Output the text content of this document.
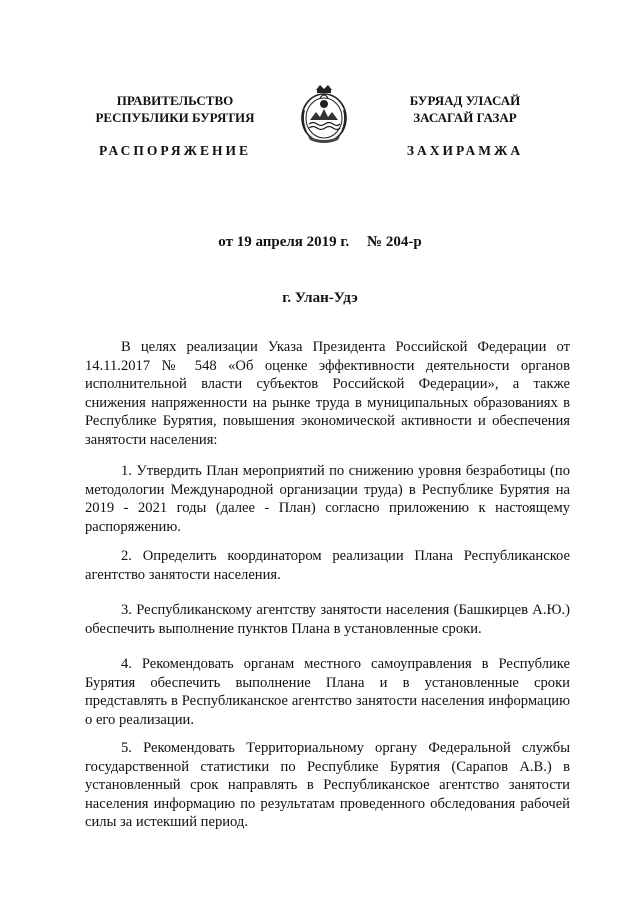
ПРАВИТЕЛЬСТВО
РЕСПУБЛИКИ БУРЯТИЯ
РАСПОРЯЖЕНИЕ
БУРЯАД УЛАСАЙ
ЗАСАГАЙ ГАЗАР
ЗАХИРАМЖА
от 19 апреля 2019 г. № 204-р
г. Улан-Удэ

В целях реализации Указа Президента Российской Федерации от 14.11.2017 № 548 «Об оценке эффективности деятельности органов исполнительной власти субъектов Российской Федерации», а также снижения напряженности на рынке труда в муниципальных образованиях в Республике Бурятия, повышения экономической активности и обеспечения занятости населения:

1. Утвердить План мероприятий по снижению уровня безработицы (по методологии Международной организации труда) в Республике Бурятия на 2019 - 2021 годы (далее - План) согласно приложению к настоящему распоряжению.

2. Определить координатором реализации Плана Республиканское агентство занятости населения.

3. Республиканскому агентству занятости населения (Башкирцев А.Ю.) обеспечить выполнение пунктов Плана в установленные сроки.

4. Рекомендовать органам местного самоуправления в Республике Бурятия обеспечить выполнение Плана и в установленные сроки представлять в Республиканское агентство занятости населения информацию о его реализации.

5. Рекомендовать Территориальному органу Федеральной службы государственной статистики по Республике Бурятия (Сарапов А.В.) в установленный срок направлять в Республиканское агентство занятости населения информацию по результатам проведенного обследования рабочей силы за истекший период.
